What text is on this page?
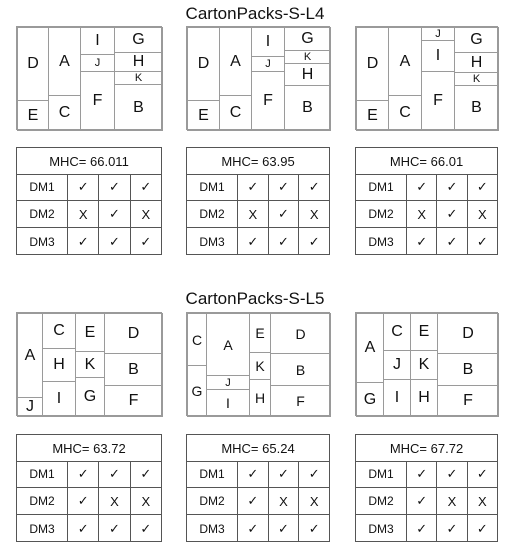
CartonPacks-S-L4
D	A
I
J
G
H
K
E	C
F	B
D	A
I
J
G
K
H
E	C
F	B
D	A
J
I
G
H
K
E	C
F	B
MHC= 66.011
DM1	✓	✓	✓
DM2	X	✓	X
DM3	✓	✓	✓
MHC= 63.95
DM1	✓	✓	✓
DM2	X	✓	X
DM3	✓	✓	✓
MHC= 66.01
DM1	✓	✓	✓
DM2	X	✓	X
DM3	✓	✓	✓
CartonPacks-S-L5
A
J
C
H
I
E
K
G
D
B
F
C
G
A
J
I
E
K
H
D
B
F
A
G
C
J
I
E
K
H
D
B
F
MHC= 63.72
DM1	✓	✓	✓
DM2	✓	X	X
DM3	✓	✓	✓
MHC= 65.24
DM1	✓	✓	✓
DM2	✓	X	X
DM3	✓	✓	✓
MHC= 67.72
DM1	✓	✓	✓
DM2	✓	X	X
DM3	✓	✓	✓
